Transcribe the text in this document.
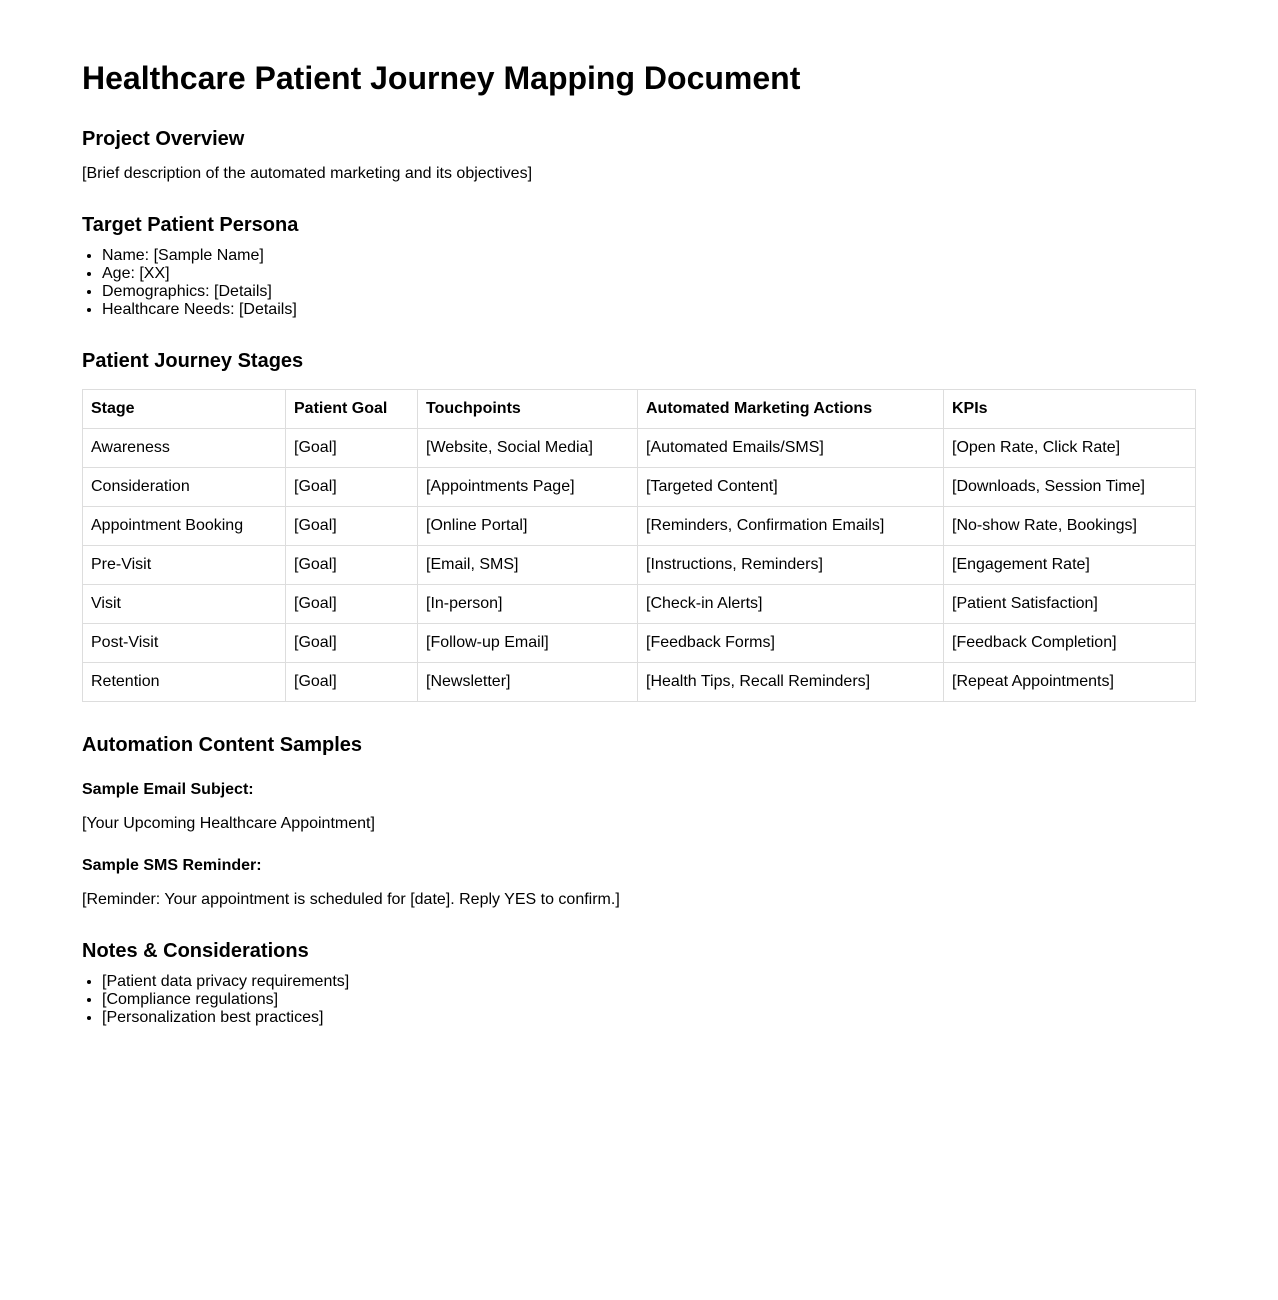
Healthcare Patient Journey Mapping Document
Project Overview

[Brief description of the automated marketing and its objectives]

Target Patient Persona
• Name: [Sample Name]
• Age: [XX]
• Demographics: [Details]
• Healthcare Needs: [Details]
Patient Journey Stages
Stage	Patient Goal	Touchpoints	Automated Marketing Actions	KPIs
Awareness	[Goal]	[Website, Social Media]	[Automated Emails/SMS]	[Open Rate, Click Rate]
Consideration	[Goal]	[Appointments Page]	[Targeted Content]	[Downloads, Session Time]
Appointment Booking	[Goal]	[Online Portal]	[Reminders, Confirmation Emails]	[No-show Rate, Bookings]
Pre-Visit	[Goal]	[Email, SMS]	[Instructions, Reminders]	[Engagement Rate]
Visit	[Goal]	[In-person]	[Check-in Alerts]	[Patient Satisfaction]
Post-Visit	[Goal]	[Follow-up Email]	[Feedback Forms]	[Feedback Completion]
Retention	[Goal]	[Newsletter]	[Health Tips, Recall Reminders]	[Repeat Appointments]
Automation Content Samples
Sample Email Subject:

[Your Upcoming Healthcare Appointment]

Sample SMS Reminder:

[Reminder: Your appointment is scheduled for [date]. Reply YES to confirm.]

Notes & Considerations
• [Patient data privacy requirements]
• [Compliance regulations]
• [Personalization best practices]
